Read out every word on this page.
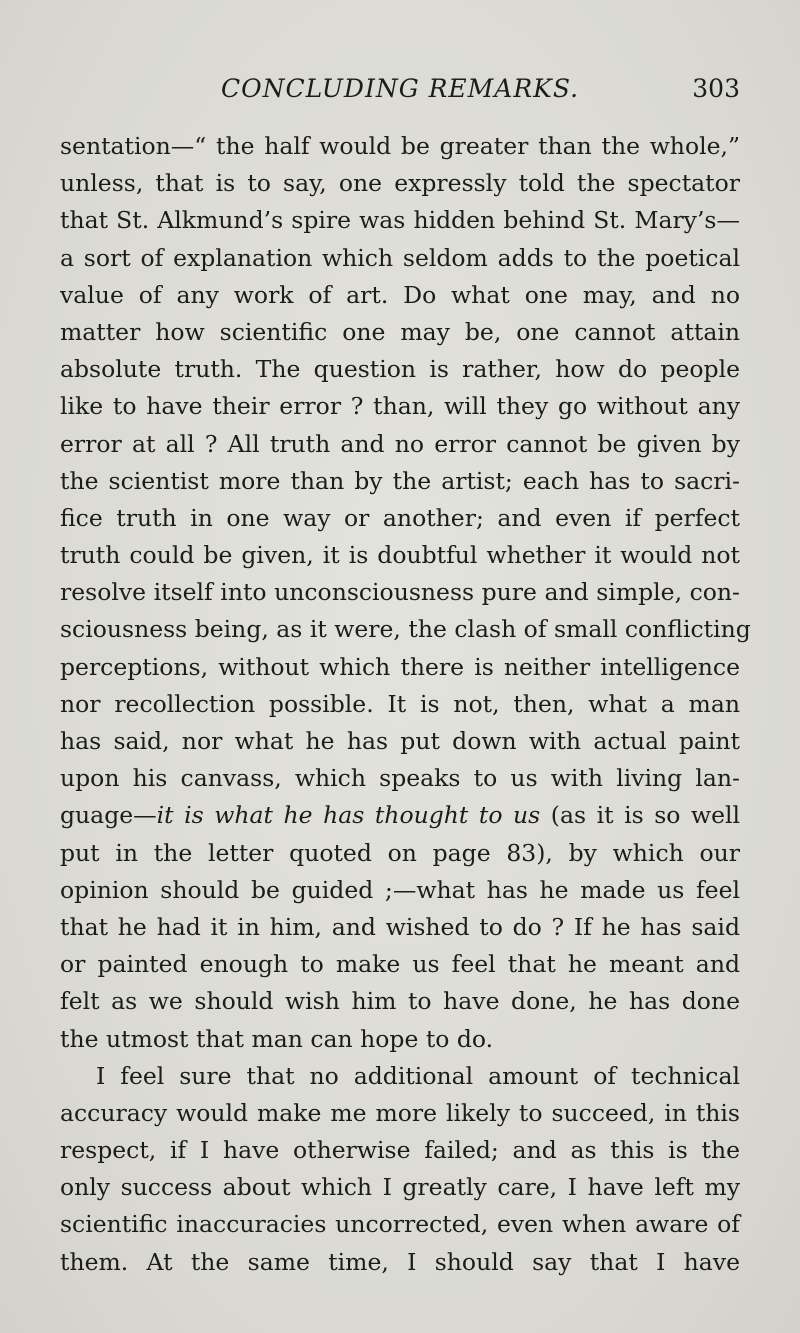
CONCLUDING REMARKS.	303
sentation—“ the half would be greater than the whole,”
unless, that is to say, one expressly told the spectator
that St. Alkmund’s spire was hidden behind St. Mary’s—
a sort of explanation which seldom adds to the poetical
value of any work of art. Do what one may, and no
matter how scientific one may be, one cannot attain
absolute truth. The question is rather, how do people
like to have their error ? than, will they go without any
error at all ? All truth and no error cannot be given by
the scientist more than by the artist; each has to sacri-
fice truth in one way or another; and even if perfect
truth could be given, it is doubtful whether it would not
resolve itself into unconsciousness pure and simple, con-
sciousness being, as it were, the clash of small conflicting
perceptions, without which there is neither intelligence
nor recollection possible. It is not, then, what a man
has said, nor what he has put down with actual paint
upon his canvass, which speaks to us with living lan-
guage—it is what he has thought to us (as it is so well
put in the letter quoted on page 83), by which our
opinion should be guided ;—what has he made us feel
that he had it in him, and wished to do ? If he has said
or painted enough to make us feel that he meant and
felt as we should wish him to have done, he has done
the utmost that man can hope to do.
I feel sure that no additional amount of technical
accuracy would make me more likely to succeed, in this
respect, if I have otherwise failed; and as this is the
only success about which I greatly care, I have left my
scientific inaccuracies uncorrected, even when aware of
them. At the same time, I should say that I have
